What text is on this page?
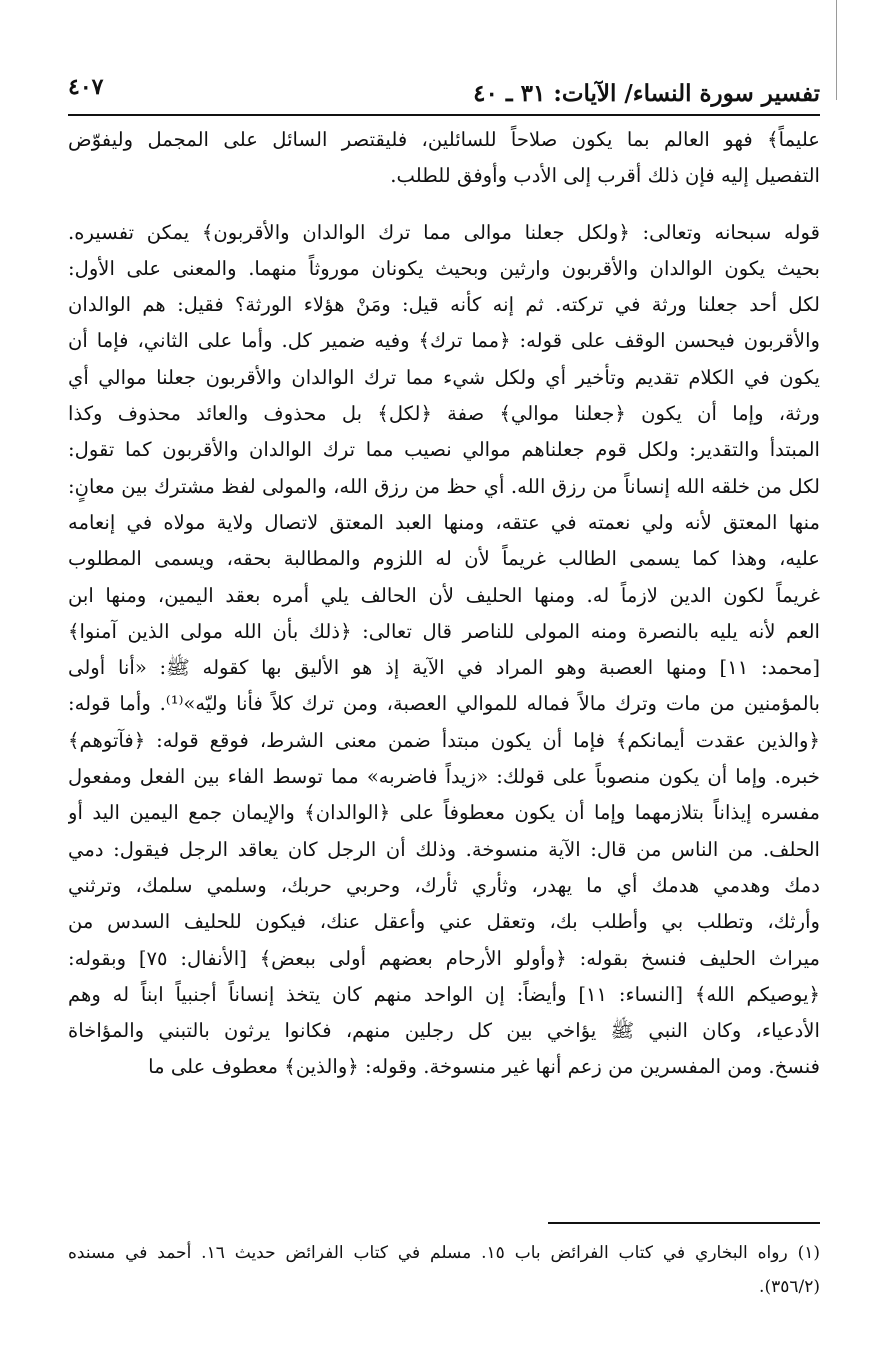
تفسير سورة النساء/ الآيات: ٣١ ـ ٤٠
٤٠٧
عليماً﴾ فهو العالم بما يكون صلاحاً للسائلين، فليقتصر السائل على المجمل وليفوّض
التفصيل إليه فإن ذلك أقرب إلى الأدب وأوفق للطلب.
قوله سبحانه وتعالى: ﴿ولكل جعلنا موالى مما ترك الوالدان والأقربون﴾ يمكن تفسيره.
بحيث يكون الوالدان والأقربون وارثين وبحيث يكونان موروثاً منهما. والمعنى على الأول:
لكل أحد جعلنا ورثة في تركته. ثم إنه كأنه قيل: ومَنْ هؤلاء الورثة؟ فقيل: هم الوالدان
والأقربون فيحسن الوقف على قوله: ﴿مما ترك﴾ وفيه ضمير كل. وأما على الثاني، فإما أن
يكون في الكلام تقديم وتأخير أي ولكل شيء مما ترك الوالدان والأقربون جعلنا موالي أي
ورثة، وإما أن يكون ﴿جعلنا موالي﴾ صفة ﴿لكل﴾ بل محذوف والعائد محذوف وكذا
المبتدأ والتقدير: ولكل قوم جعلناهم موالي نصيب مما ترك الوالدان والأقربون كما تقول:
لكل من خلقه الله إنساناً من رزق الله. أي حظ من رزق الله، والمولى لفظ مشترك بين معانٍ:
منها المعتق لأنه ولي نعمته في عتقه، ومنها العبد المعتق لاتصال ولاية مولاه في إنعامه
عليه، وهذا كما يسمى الطالب غريماً لأن له اللزوم والمطالبة بحقه، ويسمى المطلوب
غريماً لكون الدين لازماً له. ومنها الحليف لأن الحالف يلي أمره بعقد اليمين، ومنها ابن
العم لأنه يليه بالنصرة ومنه المولى للناصر قال تعالى: ﴿ذلك بأن الله مولى الذين آمنوا﴾
[محمد: ١١] ومنها العصبة وهو المراد في الآية إذ هو الأليق بها كقوله ﷺ: «أنا أولى
بالمؤمنين من مات وترك مالاً فماله للموالي العصبة، ومن ترك كلاً فأنا وليّه»⁽¹⁾. وأما قوله:
﴿والذين عقدت أيمانكم﴾ فإما أن يكون مبتدأ ضمن معنى الشرط، فوقع قوله: ﴿فآتوهم﴾
خبره. وإما أن يكون منصوباً على قولك: «زيداً فاضربه» مما توسط الفاء بين الفعل ومفعول
مفسره إيذاناً بتلازمهما وإما أن يكون معطوفاً على ﴿الوالدان﴾ والإيمان جمع اليمين اليد أو
الحلف. من الناس من قال: الآية منسوخة. وذلك أن الرجل كان يعاقد الرجل فيقول: دمي
دمك وهدمي هدمك أي ما يهدر، وثأري ثأرك، وحربي حربك، وسلمي سلمك، وترثني
وأرثك، وتطلب بي وأطلب بك، وتعقل عني وأعقل عنك، فيكون للحليف السدس من
ميراث الحليف فنسخ بقوله: ﴿وأولو الأرحام بعضهم أولى ببعض﴾ [الأنفال: ٧٥] وبقوله:
﴿يوصيكم الله﴾ [النساء: ١١] وأيضاً: إن الواحد منهم كان يتخذ إنساناً أجنبياً ابناً له وهم
الأدعياء، وكان النبي ﷺ يؤاخي بين كل رجلين منهم، فكانوا يرثون بالتبني والمؤاخاة
فنسخ. ومن المفسرين من زعم أنها غير منسوخة. وقوله: ﴿والذين﴾ معطوف على ما
(١) رواه البخاري في كتاب الفرائض باب ١٥. مسلم في كتاب الفرائض حديث ١٦. أحمد في مسنده
(٣٥٦/٢).
